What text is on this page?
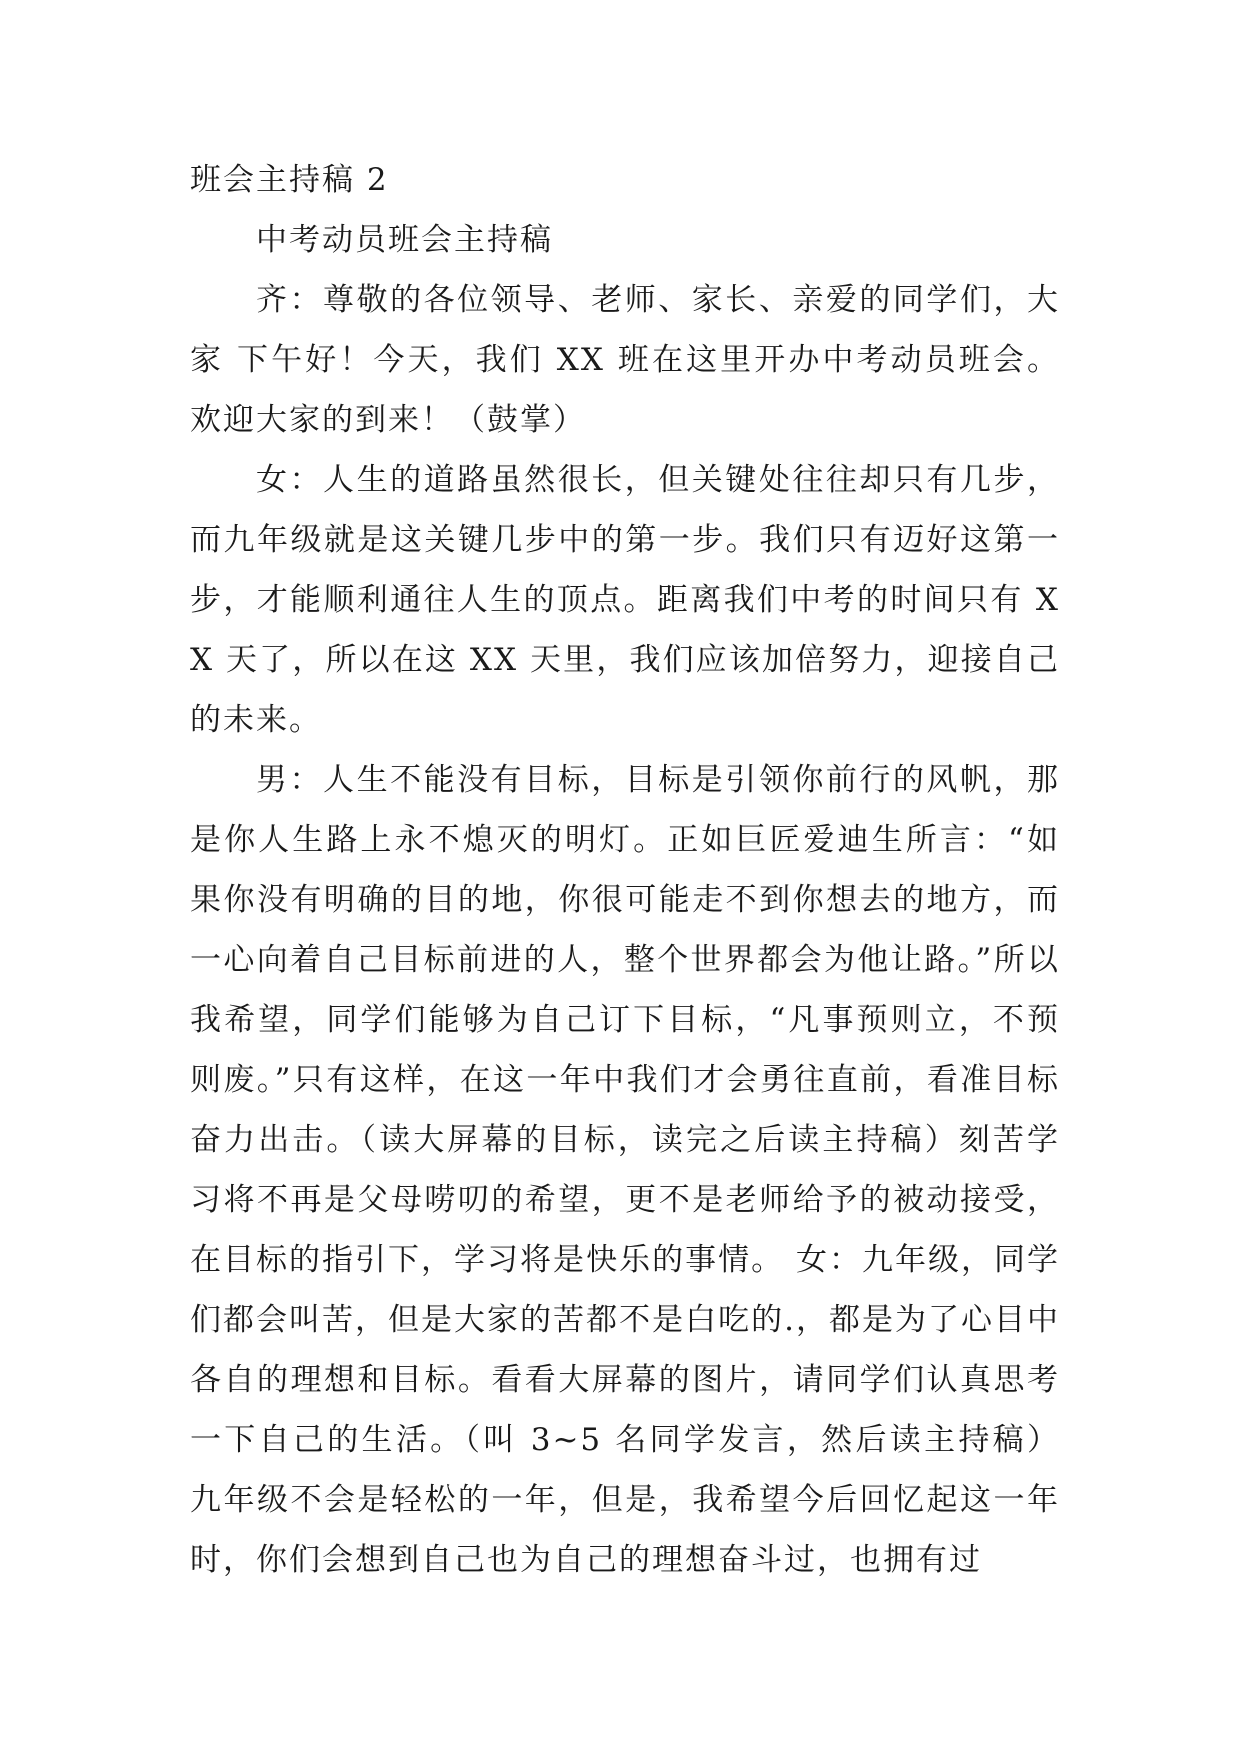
班会主持稿 2

中考动员班会主持稿

齐：尊敬的各位领导、老师、家长、亲爱的同学们，大家 下午好！今天，我们 XX 班在这里开办中考动员班会。欢迎大家的到来！（鼓掌）

女：人生的道路虽然很长，但关键处往往却只有几步，而九年级就是这关键几步中的第一步。我们只有迈好这第一步，才能顺利通往人生的顶点。距离我们中考的时间只有 XX 天了，所以在这 XX 天里，我们应该加倍努力，迎接自己的未来。

男：人生不能没有目标，目标是引领你前行的风帆，那是你人生路上永不熄灭的明灯。正如巨匠爱迪生所言：“如果你没有明确的目的地，你很可能走不到你想去的地方，而一心向着自己目标前进的人，整个世界都会为他让路。”所以我希望，同学们能够为自己订下目标，“凡事预则立，不预则废。”只有这样，在这一年中我们才会勇往直前，看准目标奋力出击。（读大屏幕的目标，读完之后读主持稿）刻苦学习将不再是父母唠叨的希望，更不是老师给予的被动接受，在目标的指引下，学习将是快乐的事情。 女：九年级，同学们都会叫苦，但是大家的苦都不是白吃的.，都是为了心目中各自的理想和目标。看看大屏幕的图片，请同学们认真思考一下自己的生活。（叫 3~5 名同学发言，然后读主持稿）九年级不会是轻松的一年，但是，我希望今后回忆起这一年时，你们会想到自己也为自己的理想奋斗过，也拥有过
